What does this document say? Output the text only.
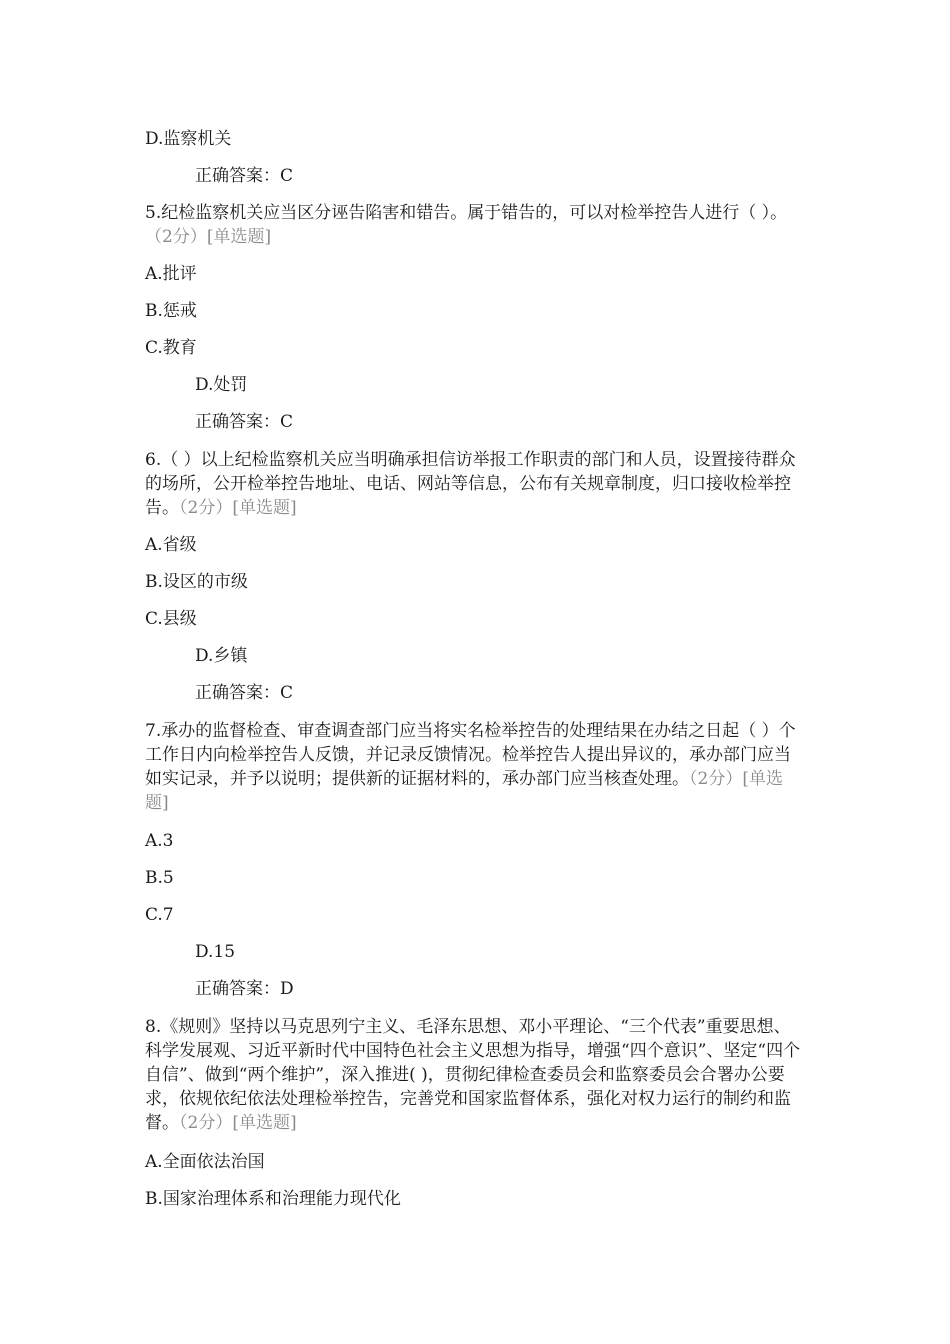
D.监察机关
正确答案：C
5.纪检监察机关应当区分诬告陷害和错告。属于错告的，可以对检举控告人进行（ ）。（2分）[单选题]
A.批评
B.惩戒
C.教育
D.处罚
正确答案：C
6.（ ）以上纪检监察机关应当明确承担信访举报工作职责的部门和人员，设置接待群众的场所，公开检举控告地址、电话、网站等信息，公布有关规章制度，归口接收检举控告。（2分）[单选题]
A.省级
B.设区的市级
C.县级
D.乡镇
正确答案：C
7.承办的监督检查、审查调查部门应当将实名检举控告的处理结果在办结之日起（ ）个工作日内向检举控告人反馈，并记录反馈情况。检举控告人提出异议的，承办部门应当如实记录，并予以说明；提供新的证据材料的，承办部门应当核查处理。（2分）[单选题]
A.3
B.5
C.7
D.15
正确答案：D
8.《规则》坚持以马克思列宁主义、毛泽东思想、邓小平理论、“三个代表”重要思想、科学发展观、习近平新时代中国特色社会主义思想为指导，增强“四个意识”、坚定“四个自信”、做到“两个维护”，深入推进( )，贯彻纪律检查委员会和监察委员会合署办公要求，依规依纪依法处理检举控告，完善党和国家监督体系，强化对权力运行的制约和监督。（2分）[单选题]
A.全面依法治国
B.国家治理体系和治理能力现代化
